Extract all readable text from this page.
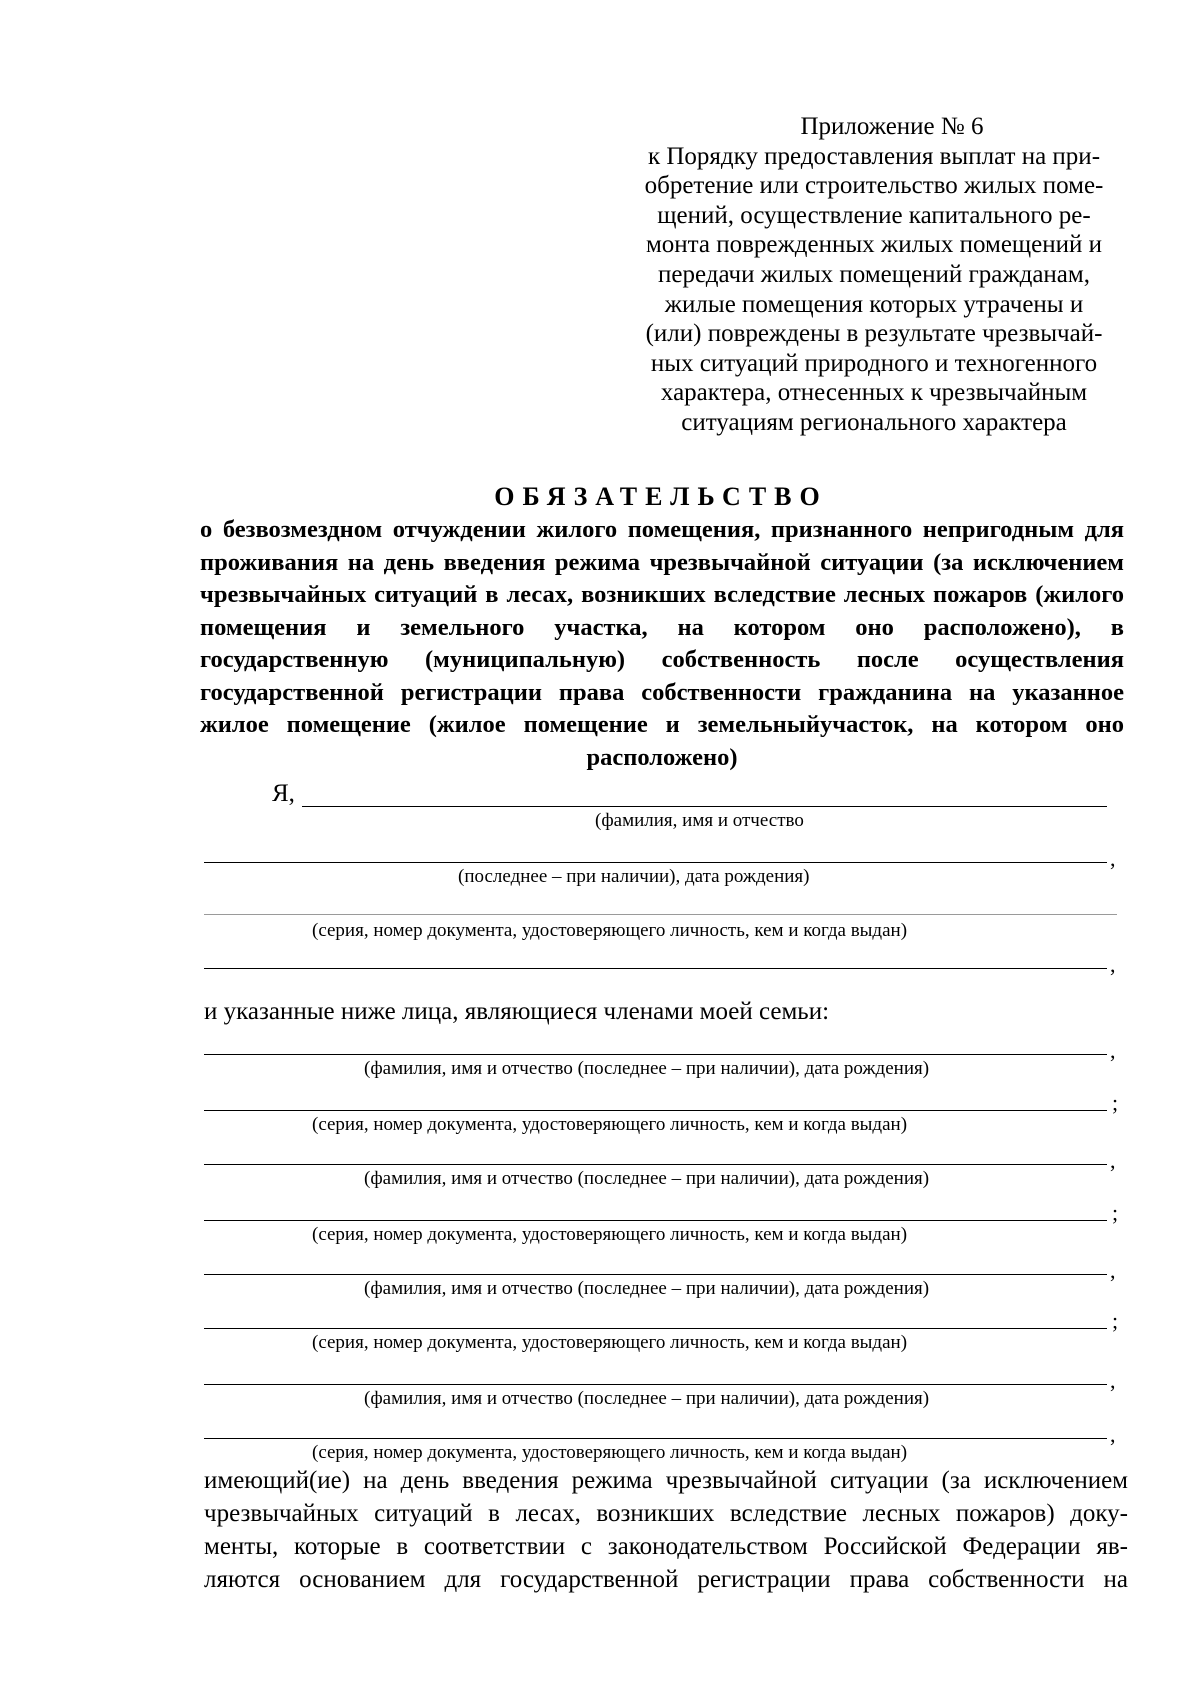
Приложение № 6
к Порядку предоставления выплат на при-
обретение или строительство жилых поме-
щений, осуществление капитального ре-
монта поврежденных жилых помещений и
передачи жилых помещений гражданам,
жилые помещения которых утрачены и
(или) повреждены в результате чрезвычай-
ных ситуаций природного и техногенного
характера, отнесенных к чрезвычайным
ситуациям регионального характера
ОБЯЗАТЕЛЬСТВО
о безвозмездном отчуждении жилого помещения, признанного непригодным для проживания на день введения режима чрезвычайной ситуации (за исключением чрезвычайных ситуаций в лесах, возникших вследствие лесных пожаров (жилого помещения и земельного участка, на котором оно расположено), в государственную (муниципальную) собственность после осуществления государственной регистрации права собственности гражданина на указанное жилое помещение (жилое помещение и земельныйучасток, на котором оно расположено)
Я,
(фамилия, имя и отчество
,
(последнее – при наличии), дата рождения)
(серия, номер документа, удостоверяющего личность, кем и когда выдан)
,
и указанные ниже лица, являющиеся членами моей семьи:
,
(фамилия, имя и отчество (последнее – при наличии), дата рождения)
;
(серия, номер документа, удостоверяющего личность, кем и когда выдан)
,
(фамилия, имя и отчество (последнее – при наличии), дата рождения)
;
(серия, номер документа, удостоверяющего личность, кем и когда выдан)
,
(фамилия, имя и отчество (последнее – при наличии), дата рождения)
;
(серия, номер документа, удостоверяющего личность, кем и когда выдан)
,
(фамилия, имя и отчество (последнее – при наличии), дата рождения)
,
(серия, номер документа, удостоверяющего личность, кем и когда выдан)
имеющий(ие) на день введения режима чрезвычайной ситуации (за исключением
чрезвычайных ситуаций в лесах, возникших вследствие лесных пожаров) доку-
менты, которые в соответствии с законодательством Российской Федерации яв-
ляются основанием для государственной регистрации права собственности на
